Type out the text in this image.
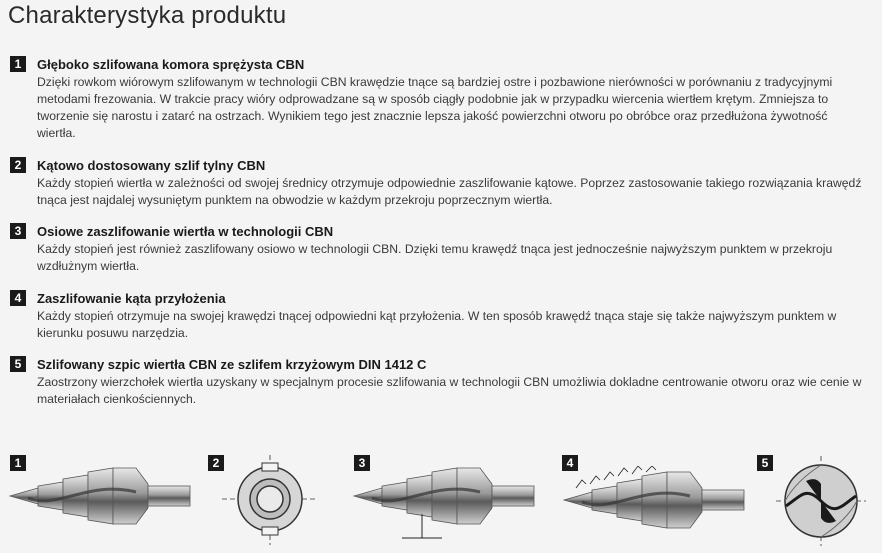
Charakterystyka produktu
1	Głęboko szlifowana komora sprężysta CBN
Dzięki rowkom wiórowym szlifowanym w technologii CBN krawędzie tnące są bardziej ostre i pozbawione nierówności w porównaniu z tradycyjnymi metodami frezowania. W trakcie pracy wióry odprowadzane są w sposób ciągły podobnie jak w przypadku wiercenia wiertłem krętym. Zmniejsza to tworzenie się narostu i zatarć na ostrzach. Wynikiem tego jest znacznie lepsza jakość powierzchni otworu po obróbce oraz przedłużona żywotność wiertła.
2	Kątowo dostosowany szlif tylny CBN
Każdy stopień wiertła w zależności od swojej średnicy otrzymuje odpowiednie zaszlifowanie kątowe. Poprzez zastosowanie takiego rozwiązania krawędź tnąca jest najdalej wysuniętym punktem na obwodzie w każdym przekroju poprzecznym wiertła.
3	Osiowe zaszlifowanie wiertła w technologii CBN
Każdy stopień jest również zaszlifowany osiowo w technologii CBN. Dzięki temu krawędź tnąca jest jednocześnie najwyższym punktem w przekroju wzdłużnym wiertła.
4	Zaszlifowanie kąta przyłożenia
Każdy stopień otrzymuje na swojej krawędzi tnącej odpowiedni kąt przyłożenia. W ten sposób krawędź tnąca staje się także najwyższym punktem w kierunku posuwu narzędzia.
5	Szlifowany szpic wiertła CBN ze szlifem krzyżowym DIN 1412 C
Zaostrzony wierzchołek wiertła uzyskany w specjalnym procesie szlifowania w technologii CBN umożliwia dokladne centrowanie otworu oraz wie cenie w materiałach cienkościennych.
1	2	3	4	5
